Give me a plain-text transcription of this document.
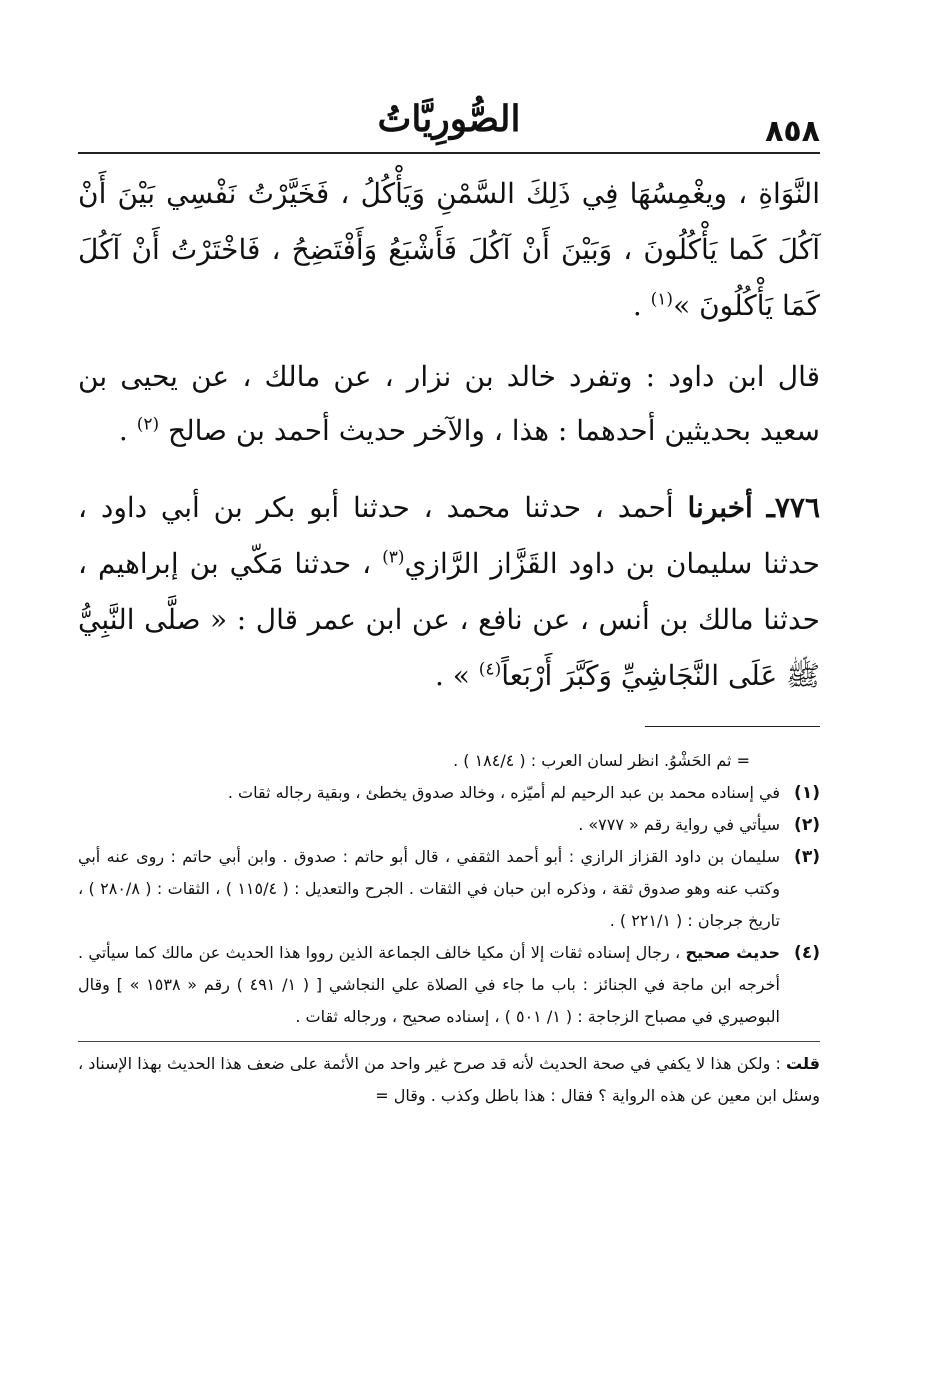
٨٥٨
الصُّورِيَّاتُ
النَّوَاةِ ، ويغْمِسُهَا فِي ذَلِكَ السَّمْنِ وَيَأْكُلُ ، فَخَيَّرْتُ نَفْسِي بَيْنَ أَنْ آكُلَ كَما يَأْكُلُونَ ، وَبَيْنَ أَنْ آكُلَ فَأَشْبَعُ وَأَفْتَضِحُ ، فَاخْتَرْتُ أَنْ آكُلَ كَمَا يَأْكُلُونَ »$^{(١)}$ .
قال ابن داود : وتفرد خالد بن نزار ، عن مالك ، عن يحيى بن سعيد بحديثين أحدهما : هذا ، والآخر حديث أحمد بن صالح $^{(٢)}$ .
٧٧٦ـ أخبرنا أحمد ، حدثنا محمد ، حدثنا أبو بكر بن أبي داود ، حدثنا سليمان بن داود القَزَّاز الرَّازي$^{(٣)}$ ، حدثنا مَكّي بن إبراهيم ، حدثنا مالك بن أنس ، عن نافع ، عن ابن عمر قال : « صلَّى النَّبِيُّ ﷺ عَلَى النَّجَاشِيِّ وَكَبَّرَ أَرْبَعاً$^{(٤)}$ » .
= ثم الحَشْوُ. انظر لسان العرب : ( ١٨٤/٤ ) .
(١)
في إسناده محمد بن عبد الرحيم لم أميّزه ، وخالد صدوق يخطئ ، وبقية رجاله ثقات .
(٢)
سيأتي في رواية رقم « ٧٧٧» .
(٣)
سليمان بن داود القزاز الرازي : أبو أحمد الثقفي ، قال أبو حاتم : صدوق . وابن أبي حاتم : روى عنه أبي وكتب عنه وهو صدوق ثقة ، وذكره ابن حبان في الثقات . الجرح والتعديل : ( ١١٥/٤ ) ، الثقات : ( ٢٨٠/٨ ) ، تاريخ جرجان : ( ٢٢١/١ ) .
(٤)
حديث صحيح ، رجال إسناده ثقات إلا أن مكيا خالف الجماعة الذين رووا هذا الحديث عن مالك كما سيأتي . أخرجه ابن ماجة في الجنائز : باب ما جاء في الصلاة علي النجاشي [ ( ١/ ٤٩١ ) رقم « ١٥٣٨ » ] وقال البوصيري في مصباح الزجاجة : ( ١/ ٥٠١ ) ، إسناده صحيح ، ورجاله ثقات .
قلت : ولكن هذا لا يكفي في صحة الحديث لأنه قد صرح غير واحد من الأئمة على ضعف هذا الحديث بهذا الإسناد ، وسئل ابن معين عن هذه الرواية ؟ فقال : هذا باطل وكذب . وقال =
